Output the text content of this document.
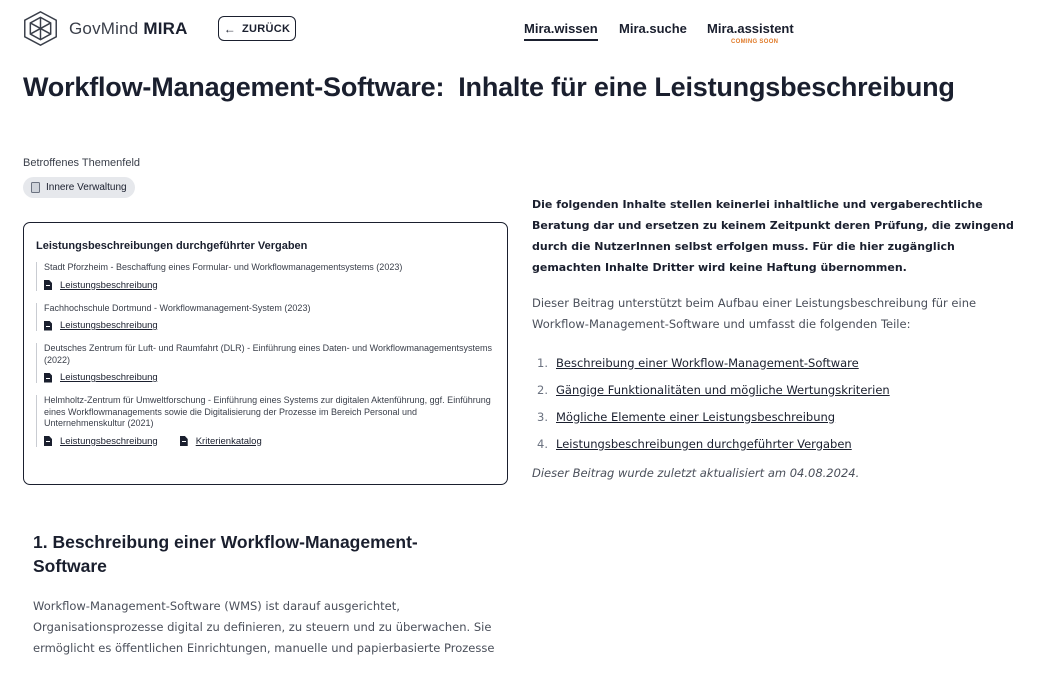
GovMind MIRA	← ZURÜCK	Mira.wissen Mira.suche Mira.assistent
COMING SOON
Workflow-Management-Software: Inhalte für eine Leistungsbeschreibung
Betroffenes Themenfeld
Innere Verwaltung
Leistungsbeschreibungen durchgeführter Vergaben
Stadt Pforzheim - Beschaffung eines Formular- und Workflowmanagementsystems (2023)
Leistungsbeschreibung
Fachhochschule Dortmund - Workflowmanagement-System (2023)
Leistungsbeschreibung
Deutsches Zentrum für Luft- und Raumfahrt (DLR) - Einführung eines Daten- und Workflowmanagementsystems (2022)
Leistungsbeschreibung
Helmholtz-Zentrum für Umweltforschung - Einführung eines Systems zur digitalen Aktenführung, ggf. Einführung eines Workflowmanagements sowie die Digitalisierung der Prozesse im Bereich Personal und Unternehmenskultur (2021)
Leistungsbeschreibung	Kriterienkatalog
1. Beschreibung einer Workflow-Management-Software

Workflow-Management-Software (WMS) ist darauf ausgerichtet, Organisationsprozesse digital zu definieren, zu steuern und zu überwachen. Sie ermöglicht es öffentlichen Einrichtungen, manuelle und papierbasierte Prozesse

Die folgenden Inhalte stellen keinerlei inhaltliche und vergaberechtliche Beratung dar und ersetzen zu keinem Zeitpunkt deren Prüfung, die zwingend durch die NutzerInnen selbst erfolgen muss. Für die hier zugänglich gemachten Inhalte Dritter wird keine Haftung übernommen.

Dieser Beitrag unterstützt beim Aufbau einer Leistungsbeschreibung für eine Workflow-Management-Software und umfasst die folgenden Teile:

1. Beschreibung einer Workflow-Management-Software
2. Gängige Funktionalitäten und mögliche Wertungskriterien
3. Mögliche Elemente einer Leistungsbeschreibung
4. Leistungsbeschreibungen durchgeführter Vergaben

Dieser Beitrag wurde zuletzt aktualisiert am 04.08.2024.
